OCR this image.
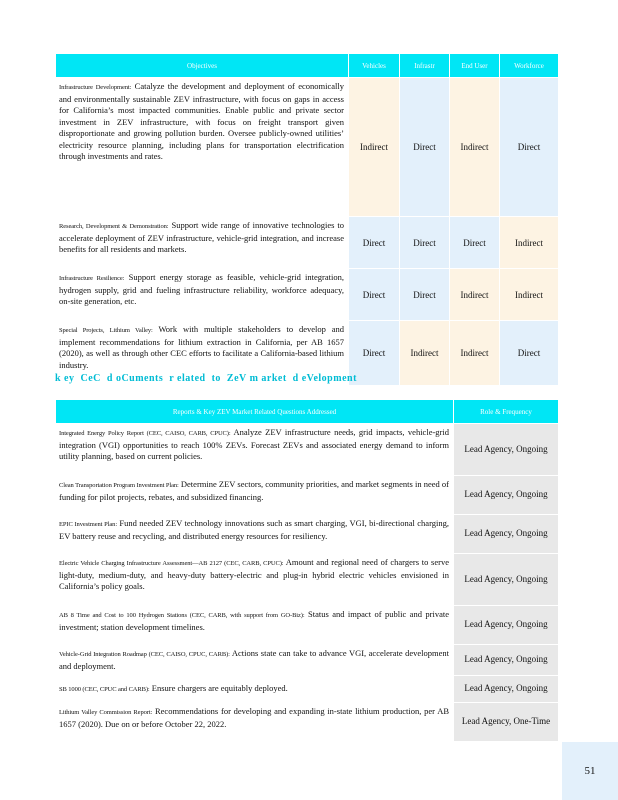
Objectives	Vehicles	Infrastr	End User	Workforce
Infrastructure Development: Catalyze the development and deployment of economically and environmentally sustainable ZEV infrastructure, with focus on gaps in access for California’s most impacted communities. Enable public and private sector investment in ZEV infrastructure, with focus on freight transport given disproportionate and growing pollution burden. Oversee publicly-owned utilities’ electricity resource planning, including plans for transportation electrification through investments and rates.	Indirect	Direct	Indirect	Direct
Research, Development & Demonstration: Support wide range of innovative technologies to accelerate deployment of ZEV infrastructure, vehicle-grid integration, and increase benefits for all residents and markets.	Direct	Direct	Direct	Indirect
Infrastructure Resilience: Support energy storage as feasible, vehicle-grid integration, hydrogen supply, grid and fueling infrastructure reliability, workforce adequacy, on-site generation, etc.	Direct	Direct	Indirect	Indirect
Special Projects, Lithium Valley: Work with multiple stakeholders to develop and implement recommendations for lithium extraction in California, per AB 1657 (2020), as well as through other CEC efforts to facilitate a California-based lithium industry.	Direct	Indirect	Indirect	Direct
k ey  CeC  d oCuments  r elated  to  ZeV m arket  d eVelopment
Reports & Key ZEV Market Related Questions Addressed	Role & Frequency
Integrated Energy Policy Report (CEC, CAISO, CARB, CPUC): Analyze ZEV infrastructure needs, grid impacts, vehicle-grid integration (VGI) opportunities to reach 100% ZEVs. Forecast ZEVs and associated energy demand to inform utility planning, based on current policies.	Lead Agency, Ongoing
Clean Transportation Program Investment Plan: Determine ZEV sectors, community priorities, and market segments in need of funding for pilot projects, rebates, and subsidized financing.	Lead Agency, Ongoing
EPIC Investment Plan: Fund needed ZEV technology innovations such as smart charging, VGI, bi-directional charging, EV battery reuse and recycling, and distributed energy resources for resiliency.	Lead Agency, Ongoing
Electric Vehicle Charging Infrastructure Assessment—AB 2127 (CEC, CARB, CPUC): Amount and regional need of chargers to serve light-duty, medium-duty, and heavy-duty battery-electric and plug-in hybrid electric vehicles envisioned in California’s policy goals.	Lead Agency, Ongoing
AB 8 Time and Cost to 100 Hydrogen Stations (CEC, CARB, with support from GO-Biz): Status and impact of public and private investment; station development timelines.	Lead Agency, Ongoing
Vehicle-Grid Integration Roadmap (CEC, CAISO, CPUC, CARB): Actions state can take to advance VGI, accelerate development and deployment.	Lead Agency, Ongoing
SB 1000 (CEC, CPUC and CARB): Ensure chargers are equitably deployed.	Lead Agency, Ongoing
Lithium Valley Commission Report: Recommendations for developing and expanding in-state lithium production, per AB 1657 (2020). Due on or before October 22, 2022.	Lead Agency, One-Time
51
